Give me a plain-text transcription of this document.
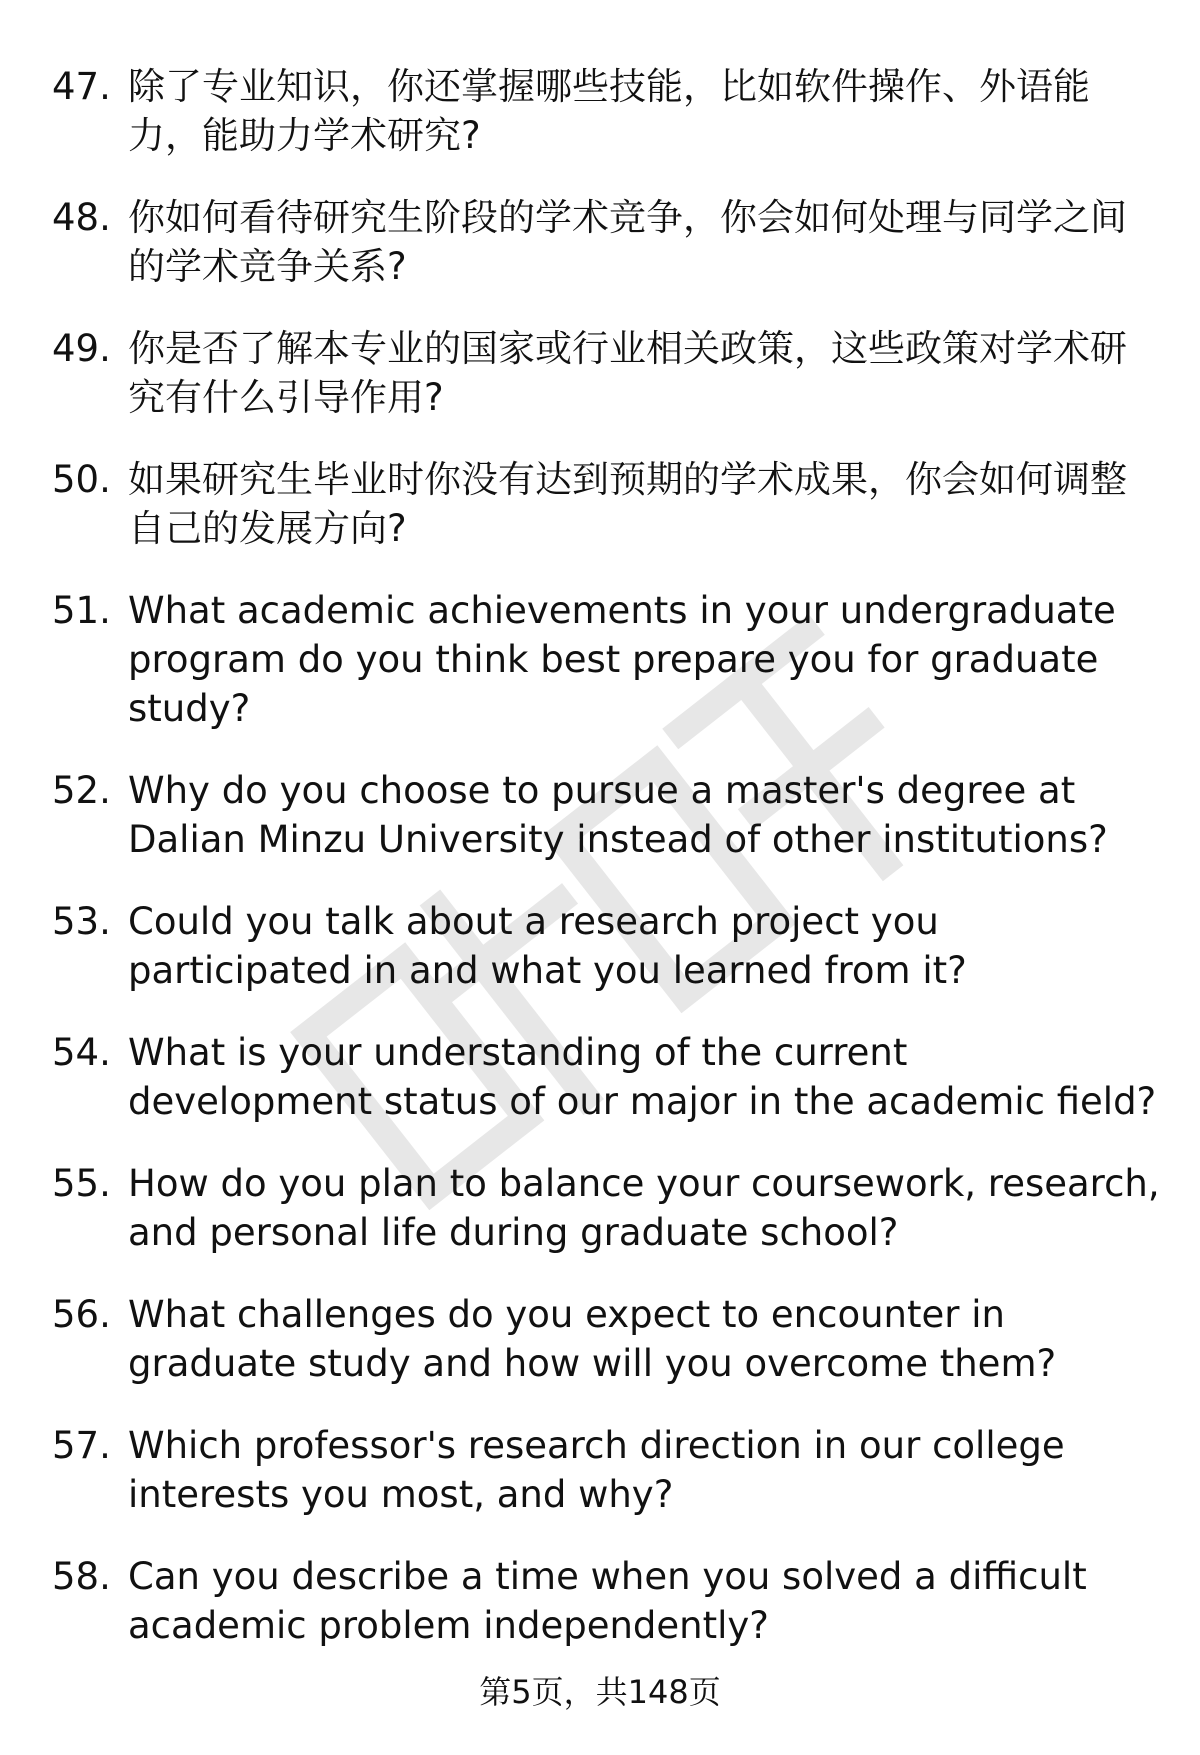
47. 除了专业知识，你还掌握哪些技能，比如软件操作、外语能力，能助力学术研究?
48. 你如何看待研究生阶段的学术竞争，你会如何处理与同学之间的学术竞争关系?
49. 你是否了解本专业的国家或行业相关政策，这些政策对学术研究有什么引导作用?
50. 如果研究生毕业时你没有达到预期的学术成果，你会如何调整自己的发展方向?
51. What academic achievements in your undergraduate program do you think best prepare you for graduate study?
52. Why do you choose to pursue a master's degree at Dalian Minzu University instead of other institutions?
53. Could you talk about a research project you participated in and what you learned from it?
54. What is your understanding of the current development status of our major in the academic field?
55. How do you plan to balance your coursework, research, and personal life during graduate school?
56. What challenges do you expect to encounter in graduate study and how will you overcome them?
57. Which professor's research direction in our college interests you most, and why?
58. Can you describe a time when you solved a difficult academic problem independently?
第5页，共148页
